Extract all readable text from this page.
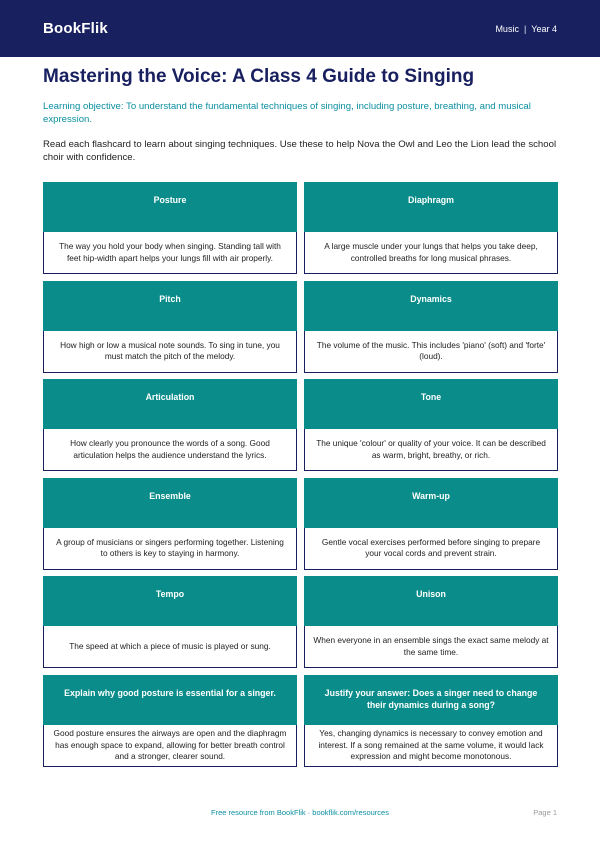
BookFlik	Music | Year 4
Mastering the Voice: A Class 4 Guide to Singing

Learning objective: To understand the fundamental techniques of singing, including posture, breathing, and musical expression.

Read each flashcard to learn about singing techniques. Use these to help Nova the Owl and Leo the Lion lead the school choir with confidence.

Posture
The way you hold your body when singing. Standing tall with feet hip-width apart helps your lungs fill with air properly.
Diaphragm
A large muscle under your lungs that helps you take deep, controlled breaths for long musical phrases.
Pitch
How high or low a musical note sounds. To sing in tune, you must match the pitch of the melody.
Dynamics
The volume of the music. This includes 'piano' (soft) and 'forte' (loud).
Articulation
How clearly you pronounce the words of a song. Good articulation helps the audience understand the lyrics.
Tone
The unique 'colour' or quality of your voice. It can be described as warm, bright, breathy, or rich.
Ensemble
A group of musicians or singers performing together. Listening to others is key to staying in harmony.
Warm-up
Gentle vocal exercises performed before singing to prepare your vocal cords and prevent strain.
Tempo
The speed at which a piece of music is played or sung.
Unison
When everyone in an ensemble sings the exact same melody at the same time.
Explain why good posture is essential for a singer.
Good posture ensures the airways are open and the diaphragm has enough space to expand, allowing for better breath control and a stronger, clearer sound.
Justify your answer: Does a singer need to change their dynamics during a song?
Yes, changing dynamics is necessary to convey emotion and interest. If a song remained at the same volume, it would lack expression and might become monotonous.
Free resource from BookFlik · bookflik.com/resources	Page 1
